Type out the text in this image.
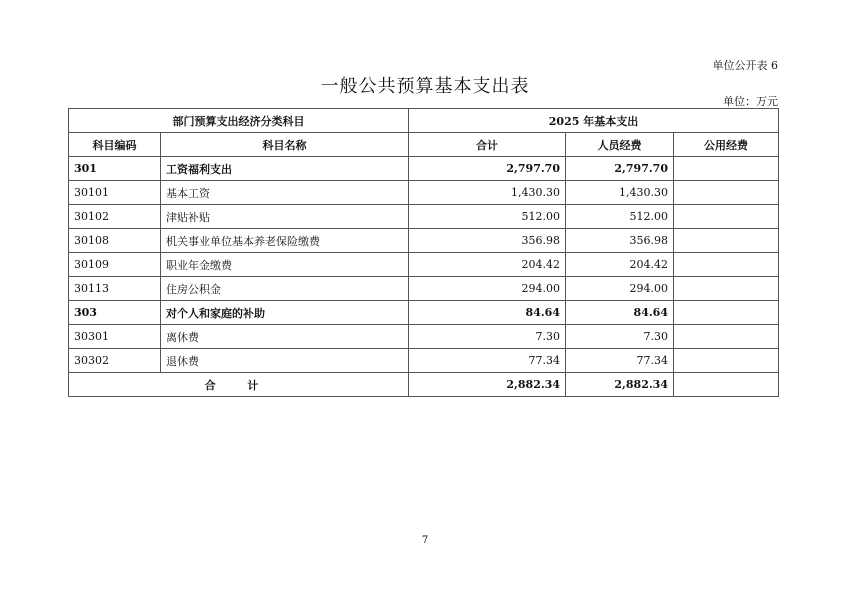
单位公开表 6
一般公共预算基本支出表
单位：万元
部门预算支出经济分类科目		2025 年基本支出		
科目编码	科目名称	合计	人员经费	公用经费
301	工资福利支出	2,797.70	2,797.70	
30101	基本工资	1,430.30	1,430.30	
30102	津贴补贴	512.00	512.00	
30108	机关事业单位基本养老保险缴费	356.98	356.98	
30109	职业年金缴费	204.42	204.42	
30113	住房公积金	294.00	294.00	
303	对个人和家庭的补助	84.64	84.64	
30301	离休费	7.30	7.30	
30302	退休费	77.34	77.34	
合 计		2,882.34	2,882.34	
7
